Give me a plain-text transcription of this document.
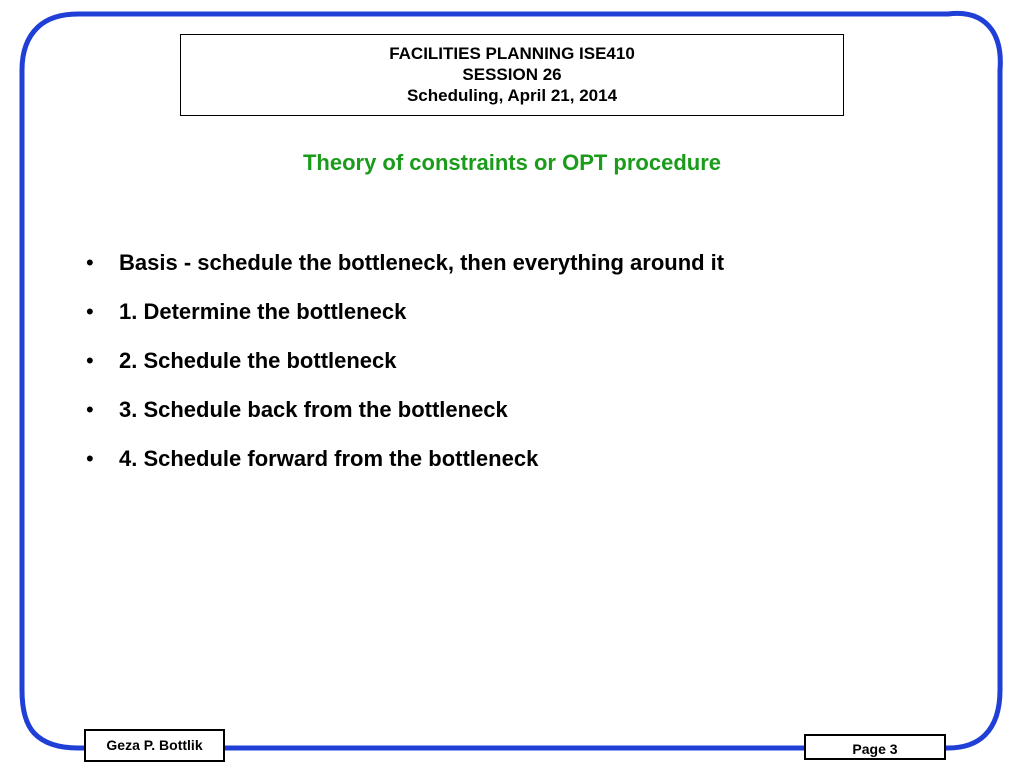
FACILITIES PLANNING ISE410
SESSION 26
Scheduling, April 21, 2014
Theory of constraints or OPT procedure
•	Basis - schedule the bottleneck, then everything around it
•	1. Determine the bottleneck
•	2. Schedule the bottleneck
•	3. Schedule back from the bottleneck
•	4. Schedule forward from the bottleneck
Geza P. Bottlik	Page 3
